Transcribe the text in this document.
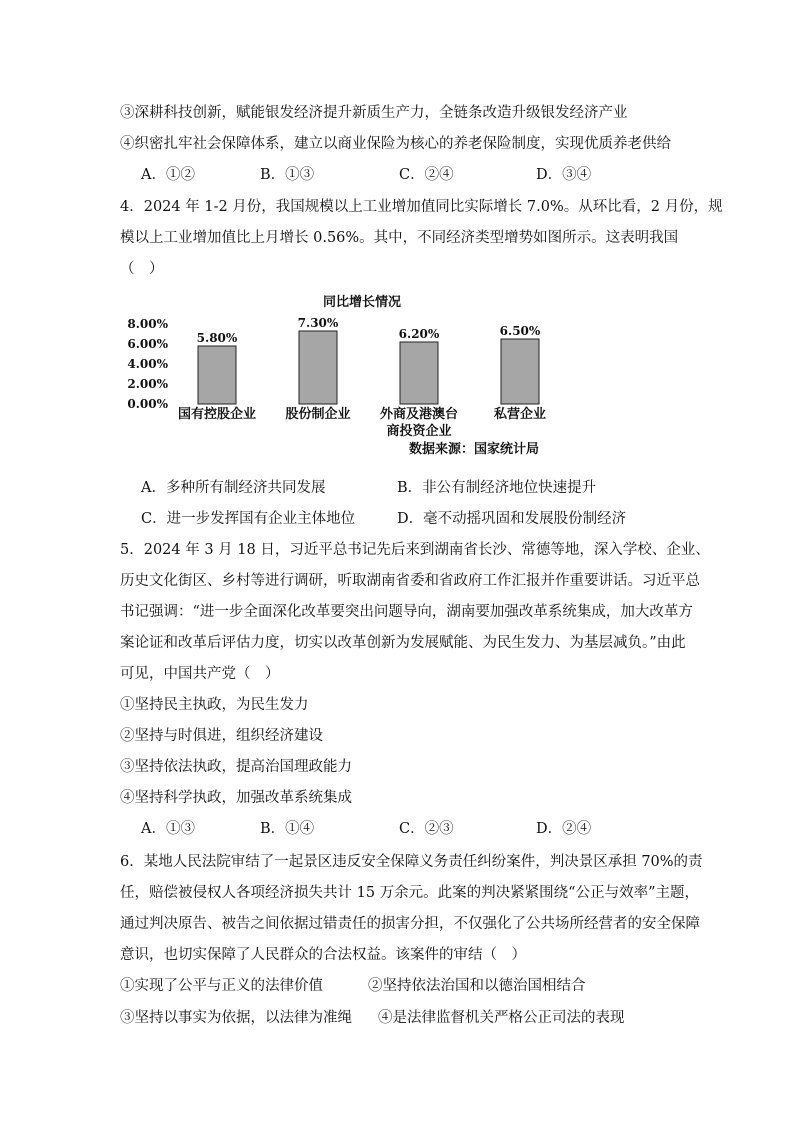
③深耕科技创新，赋能银发经济提升新质生产力，全链条改造升级银发经济产业
④织密扎牢社会保障体系，建立以商业保险为核心的养老保险制度，实现优质养老供给
A．①②	B．①③	C．②④	D．③④
4．2024 年 1-2 月份，我国规模以上工业增加值同比实际增长 7.0%。从环比看，2 月份，规
模以上工业增加值比上月增长 0.56%。其中，不同经济类型增势如图所示。这表明我国
（　）
同比增长情况
8.00%
6.00%
4.00%
2.00%
0.00%
5.80%
7.30%
6.20%	6.50%
国有控股企业 股份制企业 外商及港澳台
商投资企业
私营企业
数据来源：国家统计局
A．多种所有制经济共同发展	B．非公有制经济地位快速提升
C．进一步发挥国有企业主体地位	D．毫不动摇巩固和发展股份制经济
5．2024 年 3 月 18 日，习近平总书记先后来到湖南省长沙、常德等地，深入学校、企业、
历史文化街区、乡村等进行调研，听取湖南省委和省政府工作汇报并作重要讲话。习近平总
书记强调：“进一步全面深化改革要突出问题导向，湖南要加强改革系统集成，加大改革方
案论证和改革后评估力度，切实以改革创新为发展赋能、为民生发力、为基层减负。”由此
可见，中国共产党（　）
①坚持民主执政，为民生发力
②坚持与时俱进，组织经济建设
③坚持依法执政，提高治国理政能力
④坚持科学执政，加强改革系统集成
A．①③	B．①④	C．②③	D．②④
6．某地人民法院审结了一起景区违反安全保障义务责任纠纷案件，判决景区承担 70%的责
任，赔偿被侵权人各项经济损失共计 15 万余元。此案的判决紧紧围绕“公正与效率”主题，
通过判决原告、被告之间依据过错责任的损害分担，不仅强化了公共场所经营者的安全保障
意识，也切实保障了人民群众的合法权益。该案件的审结（　）
①实现了公平与正义的法律价值	②坚持依法治国和以德治国相结合
③坚持以事实为依据，以法律为准绳 ④是法律监督机关严格公正司法的表现
